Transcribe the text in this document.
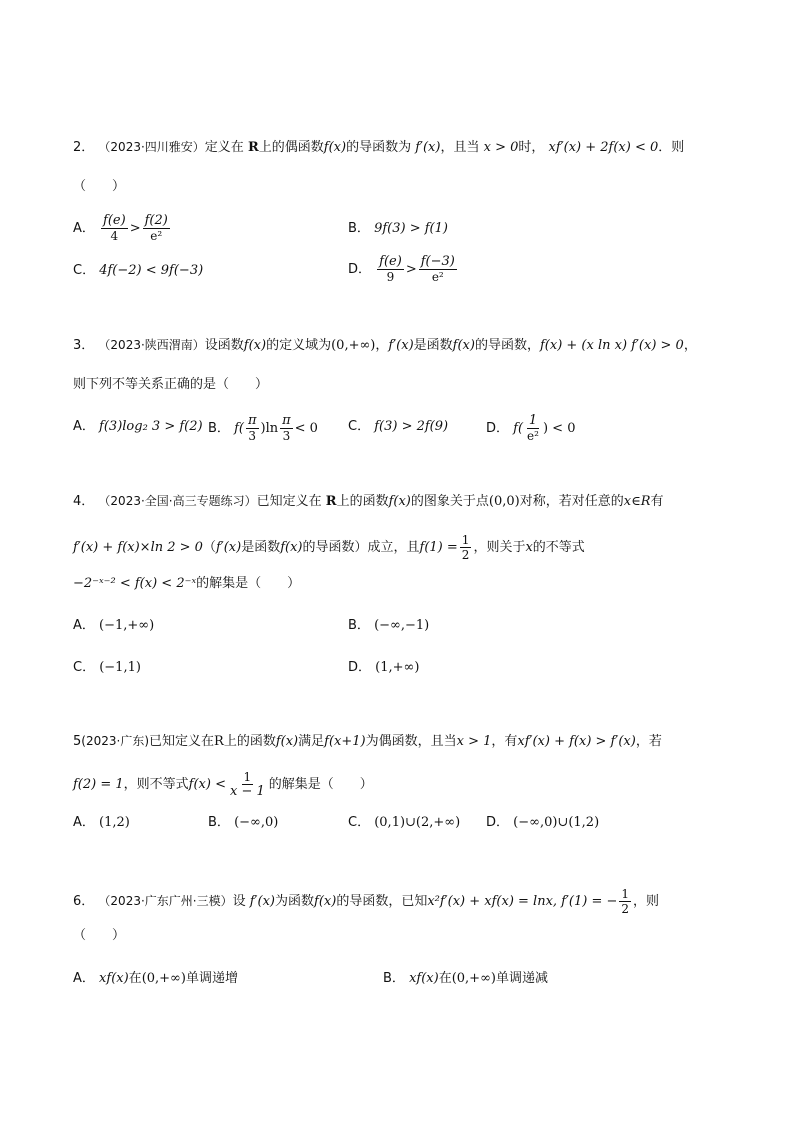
2． （2023·四川雅安）定义在 R上的偶函数f(x)的导函数为 f′(x)，且当 x > 0时， xf′(x) + 2f(x) < 0．则
（　　）
A． $\frac{f(e)}{4} > \frac{f(2)}{\text{e²}}$	B． 9f(3) > f(1)
C． 4f(−2) < 9f(−3)	D． $\frac{f(e)}{9} > \frac{f(-3)}{\text{e²}}$
3． （2023·陕西渭南）设函数f(x)的定义域为(0,+∞)，f′(x)是函数f(x)的导函数，f(x) + (x ln x) f′(x) > 0，
则下列不等关系正确的是（　　）
A． f(3)log₂ 3 > f(2) B． $f( \frac{\pi}{3} )\ln \frac{\pi}{3} < 0$ C． f(3) > 2f(9)	D． $f( \frac{1}{\text{e²}}$ ) < 0
4． （2023·全国·高三专题练习）已知定义在 R上的函数f(x)的图象关于点(0,0)对称，若对任意的x∈R有
f′(x) + f(x)×ln 2 > 0（f′(x)是函数f(x)的导函数）成立，且$f(1) = \frac{1}{2}$ ，则关于x的不等式
−2⁻ˣ⁻² < f(x) < 2⁻ˣ的解集是（　　）
A． (−1,+∞)	B． (−∞,−1)
C． (−1,1)	D． (1,+∞)
5(2023·广东)已知定义在R上的函数f(x)满足f(x+1)为偶函数，且当x > 1，有xf′(x) + f(x) > f′(x)，若
f(2) = 1，则不等式$f(x) < \frac{1}{x - 1}$ 的解集是（　　）
A． (1,2)	B． (−∞,0)	C． (0,1)∪(2,+∞) D． (−∞,0)∪(1,2)
6． （2023·广东广州·三模）设 f′(x)为函数f(x)的导函数，已知x²f′(x) + xf(x) = lnx, f′(1) = − $\frac{1}{2}$ ，则
（　　）
A． xf(x)在(0,+∞)单调递增	B． xf(x)在(0,+∞)单调递减
